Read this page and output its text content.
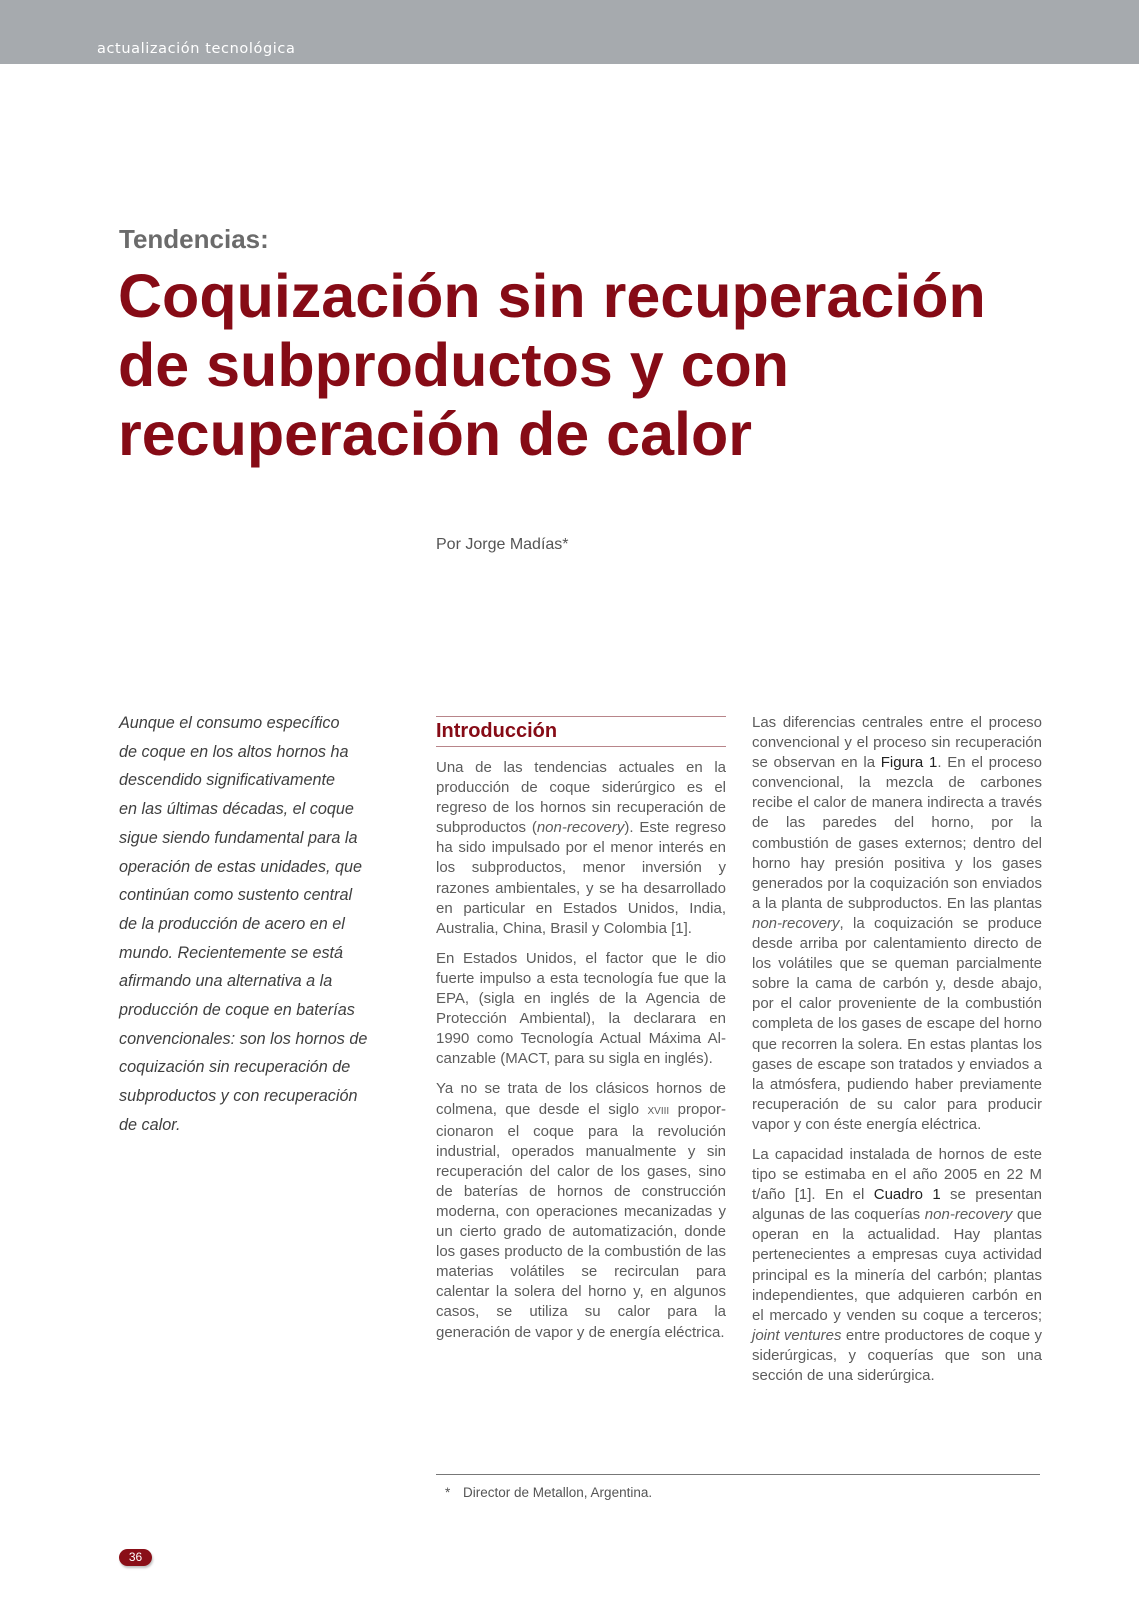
actualización tecnológica
Tendencias:
Coquización sin recuperación
de subproductos y con
recuperación de calor
Por Jorge Madías*
Aunque el consumo específico
de coque en los altos hornos ha
descendido significativamente
en las últimas décadas, el coque
sigue siendo fundamental para la
operación de estas unidades, que
continúan como sustento central
de la producción de acero en el
mundo. Recientemente se está
afirmando una alternativa a la
producción de coque en baterías
convencionales: son los hornos de
coquización sin recuperación de
subproductos y con recuperación
de calor.
Introducción

Una de las tendencias actuales en la producción de coque siderúrgico es el regreso de los hornos sin recuperación de subproductos (non-recovery). Este regreso ha sido impulsado por el menor interés en los subproductos, menor inversión y razones ambientales, y se ha desarrollado en particular en Estados Unidos, India, Australia, China, Brasil y Colombia [1].

En Estados Unidos, el factor que le dio fuerte impulso a esta tecnología fue que la EPA, (sigla en inglés de la Agencia de Protección Ambiental), la declarara en 1990 como Tecnología Actual Máxima Alcanzable (MACT, para su sigla en inglés).

Ya no se trata de los clásicos hornos de colmena, que desde el siglo XVIII proporcionaron el coque para la revolución industrial, operados manualmente y sin recuperación del calor de los gases, sino de baterías de hornos de construcción moderna, con operaciones mecanizadas y un cierto grado de automatización, donde los gases producto de la combustión de las materias volátiles se recirculan para calentar la solera del horno y, en algunos casos, se utiliza su calor para la generación de vapor y de energía eléctrica.

Las diferencias centrales entre el proceso convencional y el proceso sin recuperación se observan en la Figura 1. En el proceso convencional, la mezcla de carbones recibe el calor de manera indirecta a través de las paredes del horno, por la combustión de gases externos; dentro del horno hay presión positiva y los gases generados por la coquización son enviados a la planta de subproductos. En las plantas non-recovery, la coquización se produce desde arriba por calentamiento directo de los volátiles que se queman parcialmente sobre la cama de carbón y, desde abajo, por el calor proveniente de la combustión completa de los gases de escape del horno que recorren la solera. En estas plantas los gases de escape son tratados y enviados a la atmósfera, pudiendo haber previamente recuperación de su calor para producir vapor y con éste energía eléctrica.

La capacidad instalada de hornos de este tipo se estimaba en el año 2005 en 22 M t/año [1]. En el Cuadro 1 se presentan algunas de las coquerías non-recovery que operan en la actualidad. Hay plantas pertenecientes a empresas cuya actividad principal es la minería del carbón; plantas independientes, que adquieren carbón en el mercado y venden su coque a terceros; joint ventures entre productores de coque y siderúrgicas, y coquerías que son una sección de una siderúrgica.

* Director de Metallon, Argentina.
36
